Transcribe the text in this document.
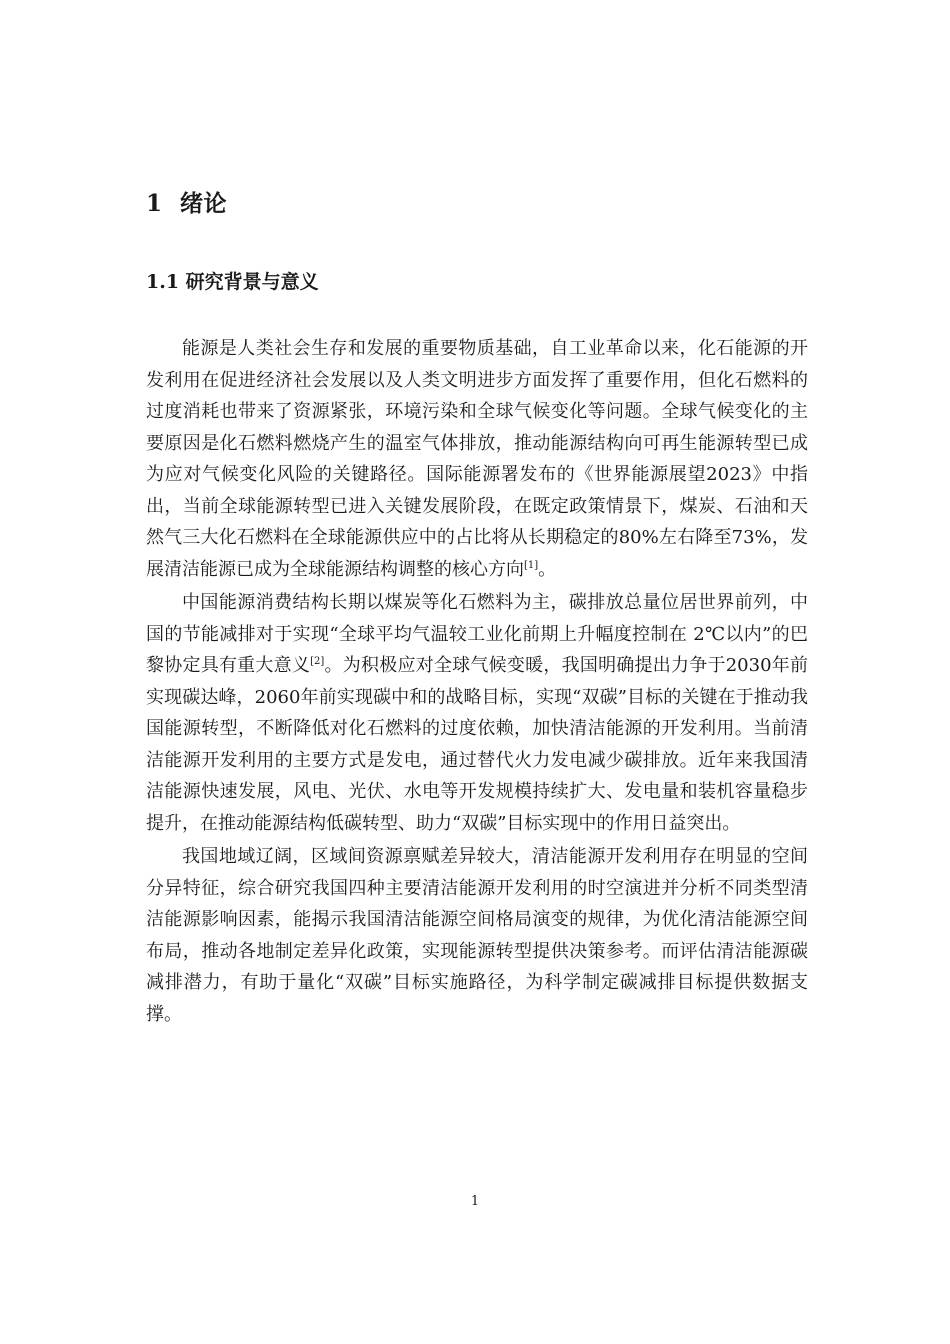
1 绪论
1.1 研究背景与意义

能源是人类社会生存和发展的重要物质基础，自工业革命以来，化石能源的开发利用在促进经济社会发展以及人类文明进步方面发挥了重要作用，但化石燃料的过度消耗也带来了资源紧张，环境污染和全球气候变化等问题。全球气候变化的主要原因是化石燃料燃烧产生的温室气体排放，推动能源结构向可再生能源转型已成为应对气候变化风险的关键路径。国际能源署发布的《世界能源展望2023》中指出，当前全球能源转型已进入关键发展阶段，在既定政策情景下，煤炭、石油和天然气三大化石燃料在全球能源供应中的占比将从长期稳定的80%左右降至73%，发展清洁能源已成为全球能源结构调整的核心方向[1]。

中国能源消费结构长期以煤炭等化石燃料为主，碳排放总量位居世界前列，中国的节能减排对于实现“全球平均气温较工业化前期上升幅度控制在 2℃以内”的巴黎协定具有重大意义[2]。为积极应对全球气候变暖，我国明确提出力争于2030年前实现碳达峰，2060年前实现碳中和的战略目标，实现“双碳”目标的关键在于推动我国能源转型，不断降低对化石燃料的过度依赖，加快清洁能源的开发利用。当前清洁能源开发利用的主要方式是发电，通过替代火力发电减少碳排放。近年来我国清洁能源快速发展，风电、光伏、水电等开发规模持续扩大、发电量和装机容量稳步提升，在推动能源结构低碳转型、助力“双碳”目标实现中的作用日益突出。

我国地域辽阔，区域间资源禀赋差异较大，清洁能源开发利用存在明显的空间分异特征，综合研究我国四种主要清洁能源开发利用的时空演进并分析不同类型清洁能源影响因素，能揭示我国清洁能源空间格局演变的规律，为优化清洁能源空间布局，推动各地制定差异化政策，实现能源转型提供决策参考。而评估清洁能源碳减排潜力，有助于量化“双碳”目标实施路径，为科学制定碳减排目标提供数据支撑。

1
